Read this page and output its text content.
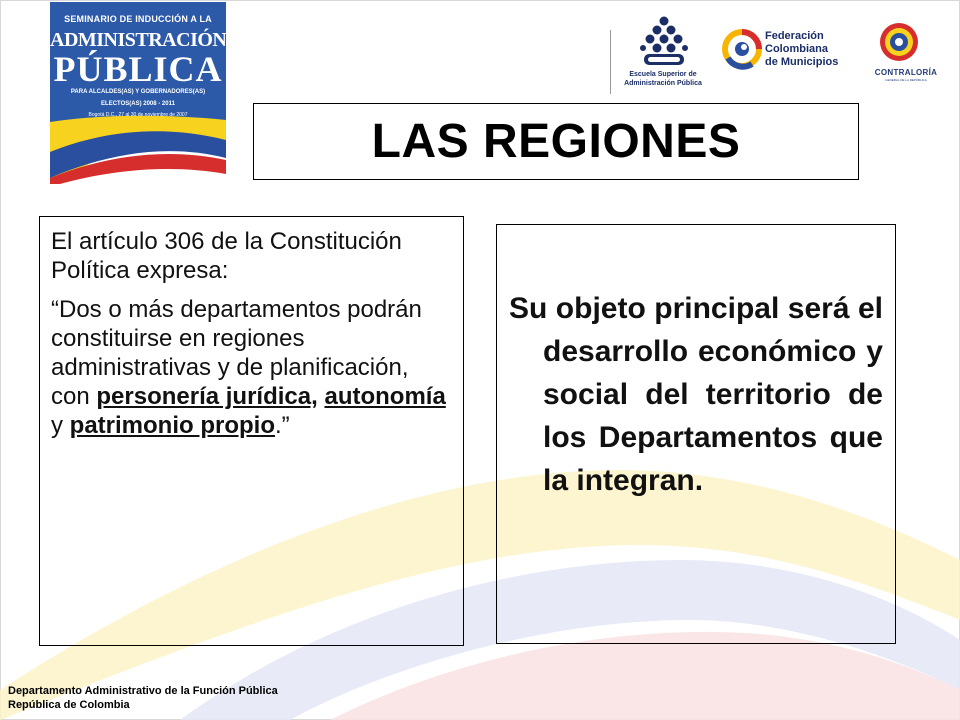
SEMINARIO DE INDUCCIÓN A LA
ADMINISTRACIÓN
PÚBLICA
PARA ALCALDES(AS) Y GOBERNADORES(AS)
ELECTOS(AS) 2008 - 2011
Bogotá D.C., 27 al 30 de noviembre de 2007
Escuela Superior de
Administración Pública
Federación
Colombiana
de Municipios
CONTRALORÍA
GENERAL DE LA REPÚBLICA
LAS REGIONES

El artículo 306 de la Constitución Política expresa:

“Dos o más departamentos podrán constituirse en regiones administrativas y de planificación, con personería jurídica, autonomía y patrimonio propio.”

Su objeto principal será el desarrollo económico y social del territorio de los Departamentos que la integran.

Departamento Administrativo de la Función Pública
República de Colombia
